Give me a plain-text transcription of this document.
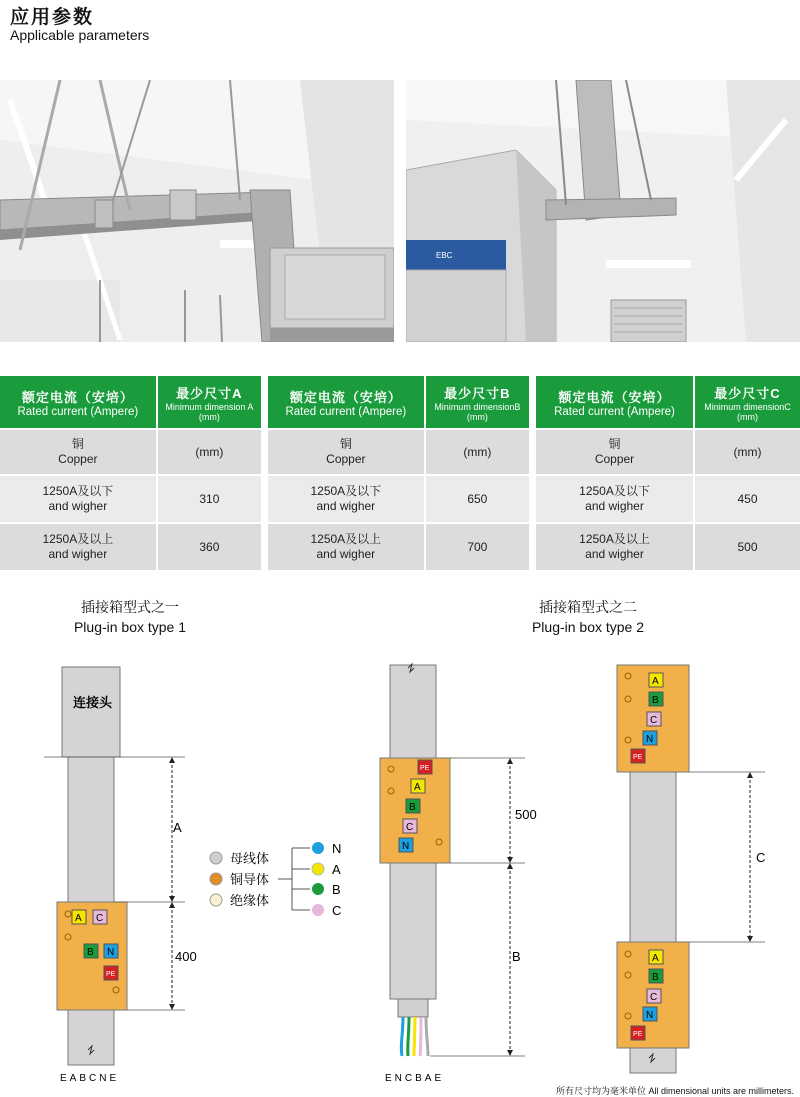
应用参数
Applicable parameters
EBC
额定电流（安培）
Rated current (Ampere)	最少尺寸A
Minimum dimension A
(mm)

铜
Copper	(mm)
1250A及以下
and wigher	310
1250A及以上
and wigher	360
额定电流（安培）
Rated current (Ampere)	最少尺寸B
Minimum dimensionB
(mm)

铜
Copper	(mm)
1250A及以下
and wigher	650
1250A及以上
and wigher	700
额定电流（安培）
Rated current (Ampere)	最少尺寸C
Minimum dimensionC
(mm)

铜
Copper	(mm)
1250A及以下
and wigher	450
1250A及以上
and wigher	500
插接箱型式之一
Plug-in box type 1
插接箱型式之二
Plug-in box type 2
连接头
A C
B N
PE
A
400
EABCNE
母线体
铜导体
绝缘体
N
A
B
C
PE
A
B
C
N
500
B
ENCBAE
A
B
C
N
PE
A
B
C
N
PE
C
所有尺寸均为毫米单位 All dimensional units are millimeters.
